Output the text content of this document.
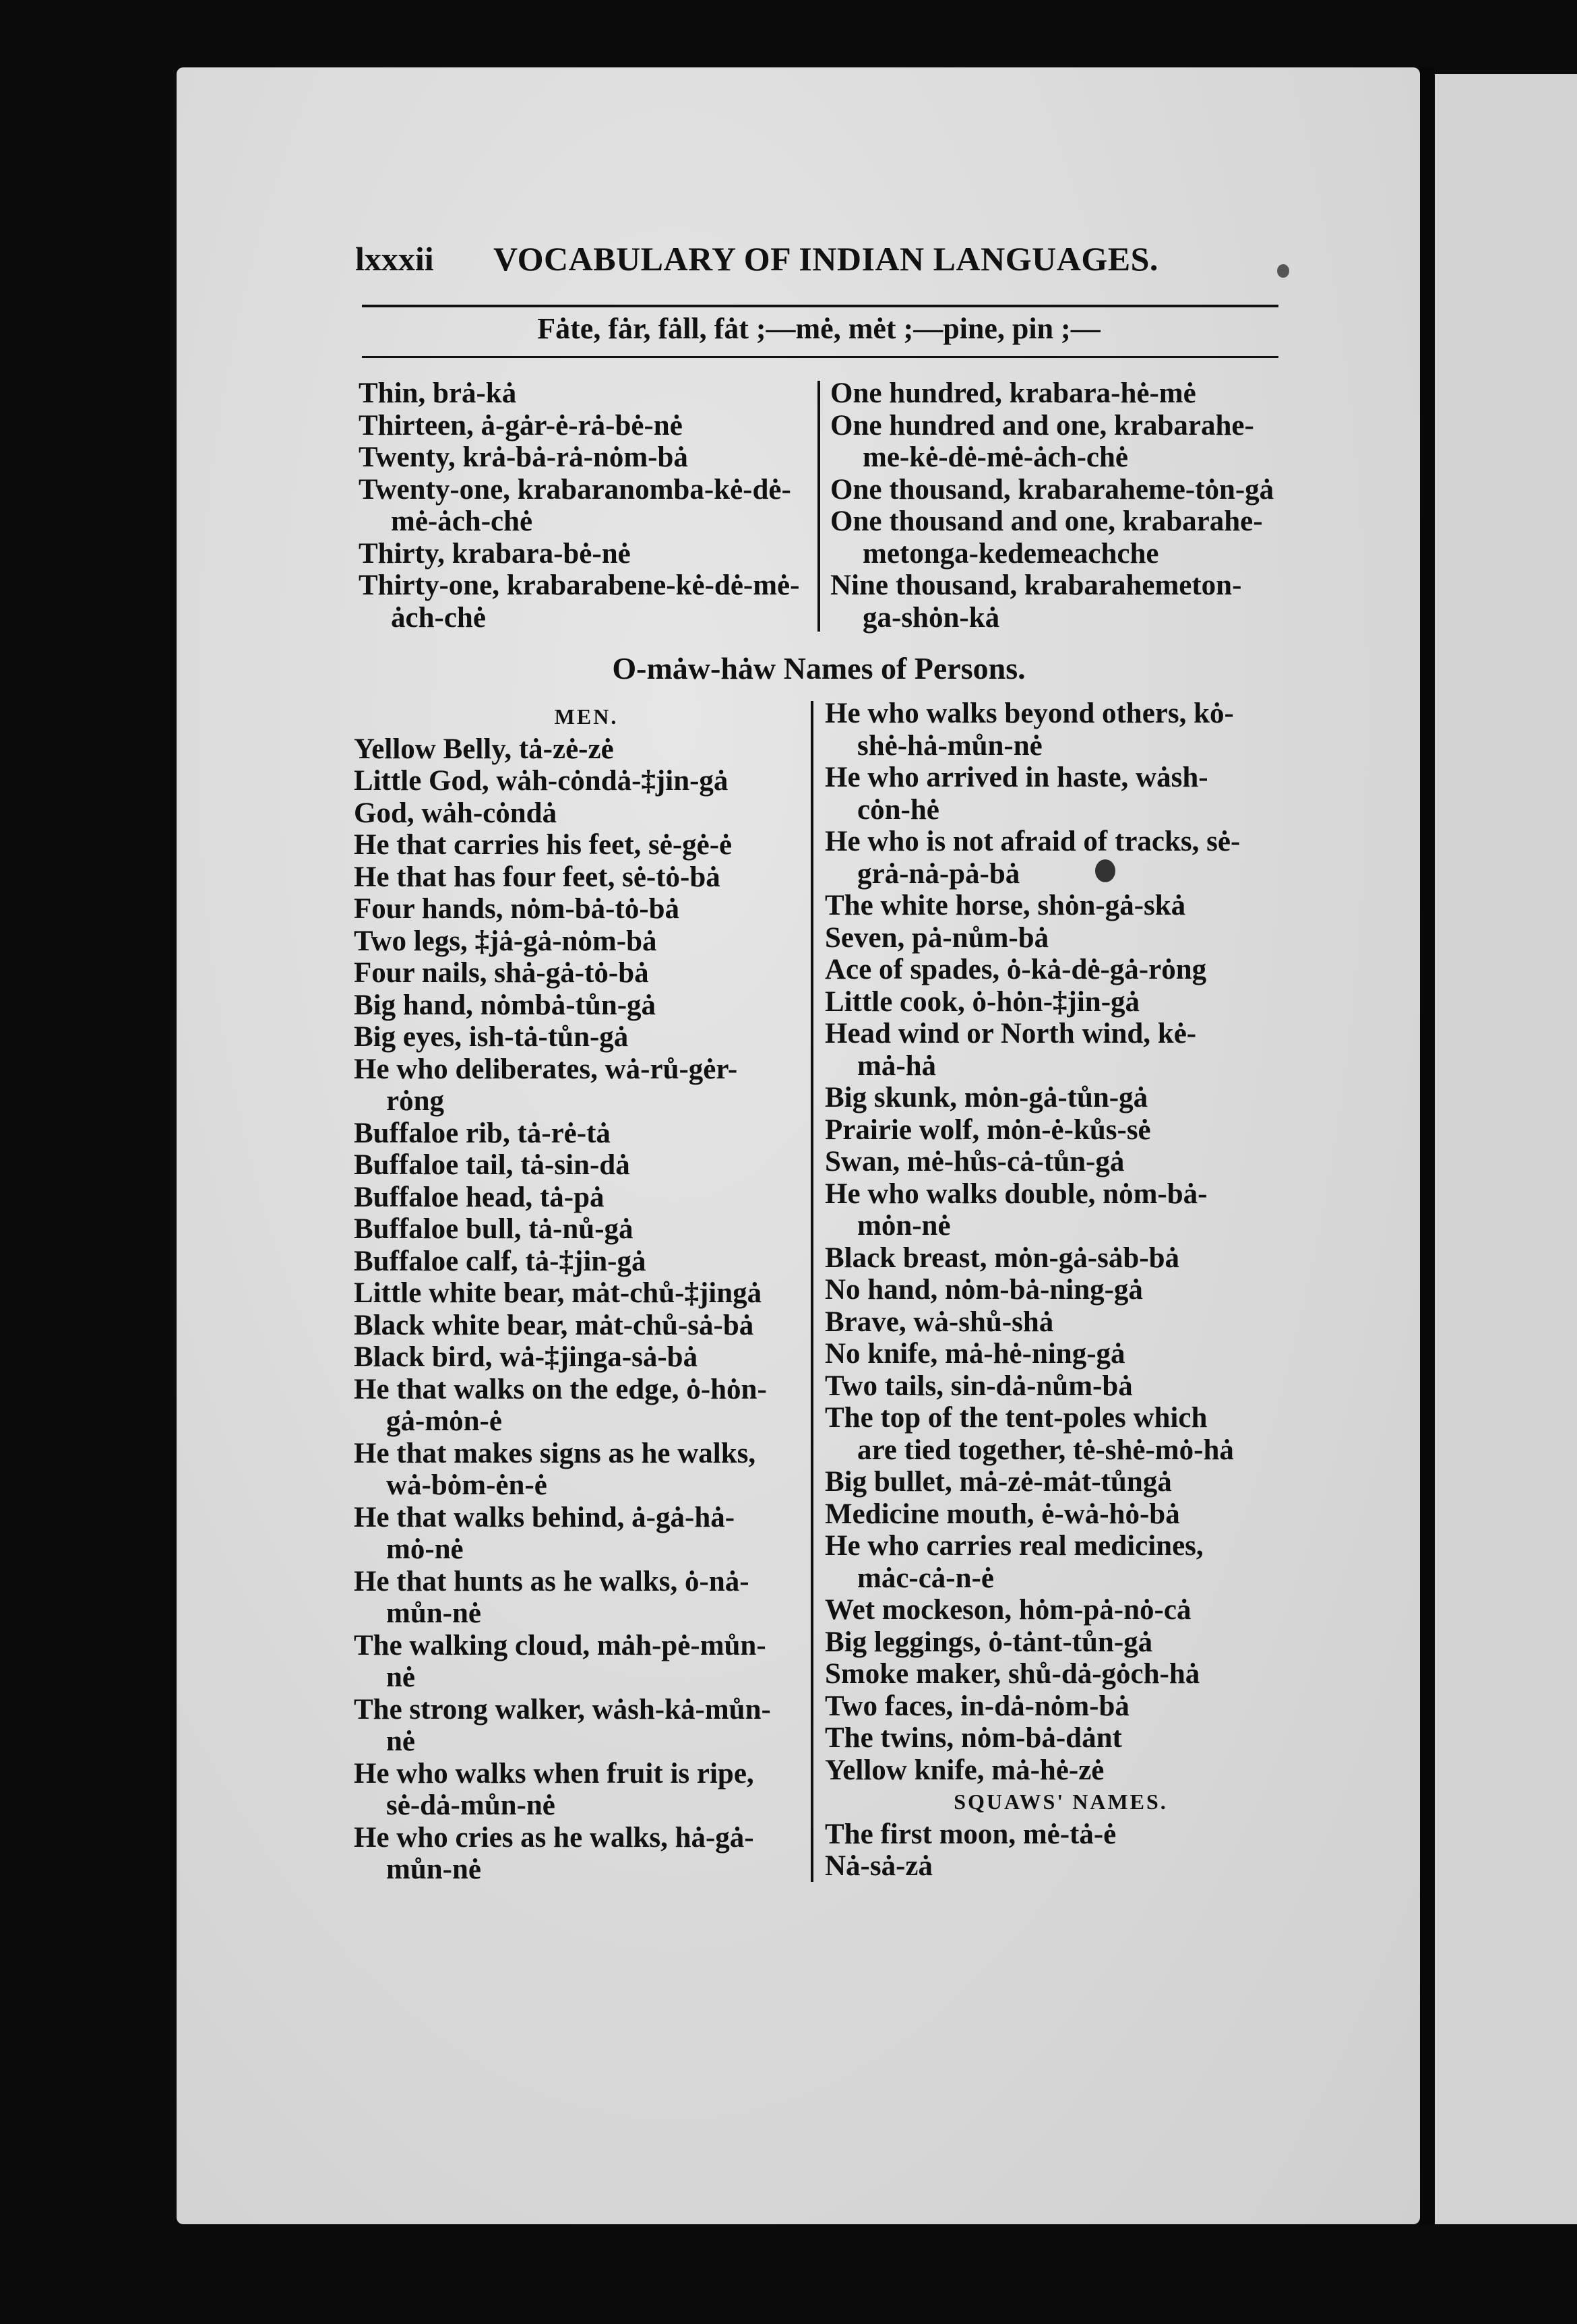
lxxxii VOCABULARY OF INDIAN LANGUAGES.
Fȧte, fȧr, fȧll, fȧt ;—mė, mėt ;—pine, pin ;—
Thin, brȧ-kȧ
Thirteen, ȧ-gȧr-ė-rȧ-bė-nė
Twenty, krȧ-bȧ-rȧ-nȯm-bȧ
Twenty-one, krabaranomba-kė-dė-
mė-ȧch-chė
Thirty, krabara-bė-nė
Thirty-one, krabarabene-kė-dė-mė-
ȧch-chė
One hundred, krabara-hė-mė
One hundred and one, krabarahe-
me-kė-dė-mė-ȧch-chė
One thousand, krabaraheme-tȯn-gȧ
One thousand and one, krabarahe-
metonga-kedemeachche
Nine thousand, krabarahemeton-
ga-shȯn-kȧ
O-mȧw-hȧw Names of Persons.
MEN.
Yellow Belly, tȧ-zė-zė
Little God, wȧh-cȯndȧ-‡jin-gȧ
God, wȧh-cȯndȧ
He that carries his feet, sė-gė-ė
He that has four feet, sė-tȯ-bȧ
Four hands, nȯm-bȧ-tȯ-bȧ
Two legs, ‡jȧ-gȧ-nȯm-bȧ
Four nails, shȧ-gȧ-tȯ-bȧ
Big hand, nȯmbȧ-tůn-gȧ
Big eyes, ish-tȧ-tůn-gȧ
He who deliberates, wȧ-rů-gėr-
rȯng
Buffaloe rib, tȧ-rė-tȧ
Buffaloe tail, tȧ-sin-dȧ
Buffaloe head, tȧ-pȧ
Buffaloe bull, tȧ-nů-gȧ
Buffaloe calf, tȧ-‡jin-gȧ
Little white bear, mȧt-chů-‡jingȧ
Black white bear, mȧt-chů-sȧ-bȧ
Black bird, wȧ-‡jinga-sȧ-bȧ
He that walks on the edge, ȯ-hȯn-
gȧ-mȯn-ė
He that makes signs as he walks,
wȧ-bȯm-ėn-ė
He that walks behind, ȧ-gȧ-hȧ-
mȯ-nė
He that hunts as he walks, ȯ-nȧ-
můn-nė
The walking cloud, mȧh-pė-můn-
nė
The strong walker, wȧsh-kȧ-můn-
nė
He who walks when fruit is ripe,
sė-dȧ-můn-nė
He who cries as he walks, hȧ-gȧ-
můn-nė
He who walks beyond others, kȯ-
shė-hȧ-můn-nė
He who arrived in haste, wȧsh-
cȯn-hė
He who is not afraid of tracks, sė-
grȧ-nȧ-pȧ-bȧ
The white horse, shȯn-gȧ-skȧ
Seven, pȧ-nům-bȧ
Ace of spades, ȯ-kȧ-dė-gȧ-rȯng
Little cook, ȯ-hȯn-‡jin-gȧ
Head wind or North wind, kė-
mȧ-hȧ
Big skunk, mȯn-gȧ-tůn-gȧ
Prairie wolf, mȯn-ė-kůs-sė
Swan, mė-hůs-cȧ-tůn-gȧ
He who walks double, nȯm-bȧ-
mȯn-nė
Black breast, mȯn-gȧ-sȧb-bȧ
No hand, nȯm-bȧ-ning-gȧ
Brave, wȧ-shů-shȧ
No knife, mȧ-hė-ning-gȧ
Two tails, sin-dȧ-nům-bȧ
The top of the tent-poles which
are tied together, tė-shė-mȯ-hȧ
Big bullet, mȧ-zė-mȧt-tůngȧ
Medicine mouth, ė-wȧ-hȯ-bȧ
He who carries real medicines,
mȧc-cȧ-n-ė
Wet mockeson, hȯm-pȧ-nȯ-cȧ
Big leggings, ȯ-tȧnt-tůn-gȧ
Smoke maker, shů-dȧ-gȯch-hȧ
Two faces, in-dȧ-nȯm-bȧ
The twins, nȯm-bȧ-dȧnt
Yellow knife, mȧ-hė-zė
SQUAWS' NAMES.
The first moon, mė-tȧ-ė
Nȧ-sȧ-zȧ
